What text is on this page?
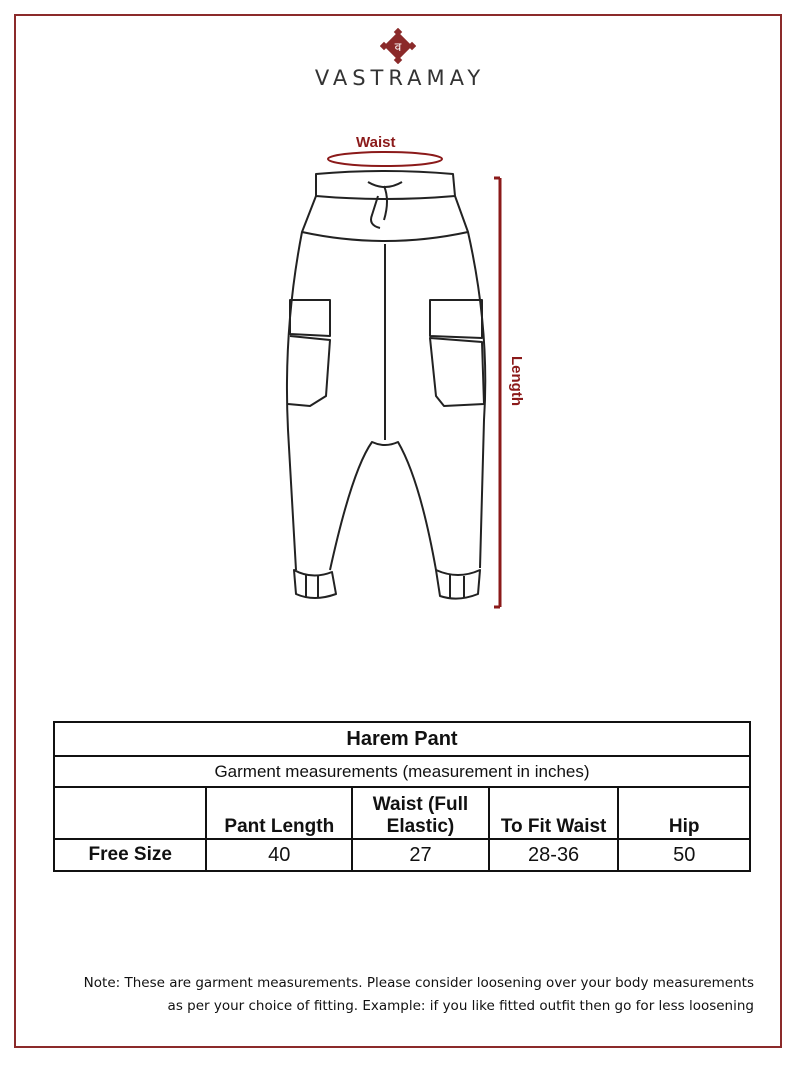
व
VASTRAMAY
Waist
Length
Harem Pant				
Garment measurements (measurement in inches)				
	Pant Length	Waist (Full Elastic)	To Fit Waist	Hip
Free Size	40	27	28-36	50
Note: These are garment measurements. Please consider loosening over your body measurements
as per your choice of fitting. Example: if you like fitted outfit then go for less loosening
